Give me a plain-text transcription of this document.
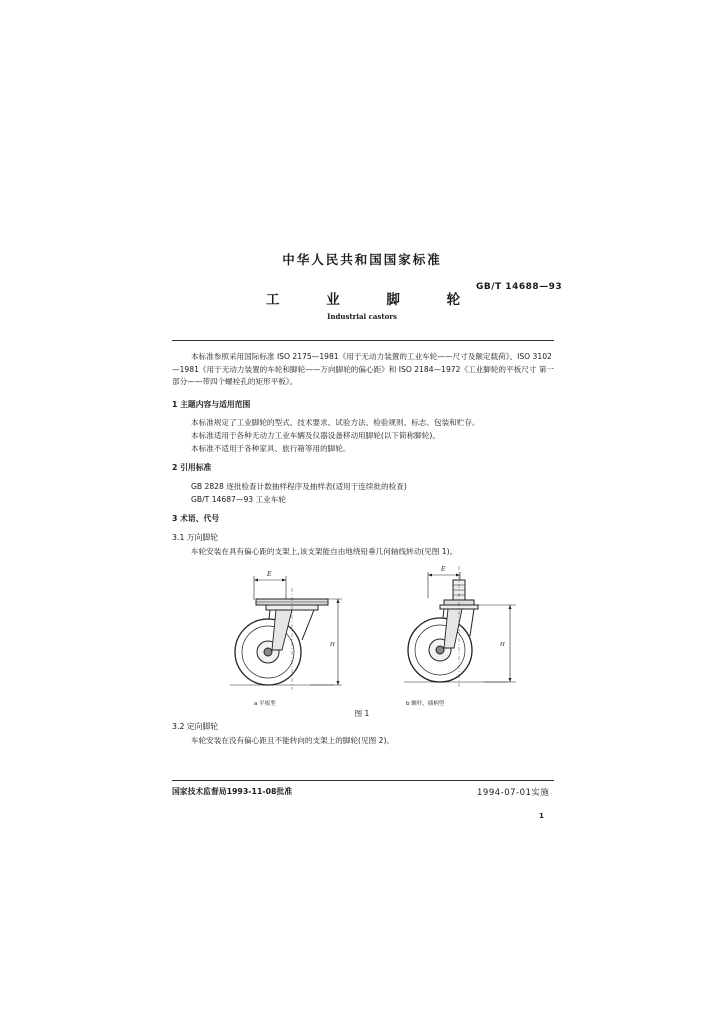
中华人民共和国国家标准
GB/T 14688—93
工 业 脚 轮
Industrial castors
本标准参照采用国际标准 ISO 2175—1981《用于无动力装置的工业车轮——尺寸及额定载荷》、ISO 3102—1981《用于无动力装置的车轮和脚轮——万向脚轮的偏心距》和 ISO 2184—1972《工业脚轮的平板尺寸 第一部分——带四个螺栓孔的矩形平板》。
1 主题内容与适用范围
本标准规定了工业脚轮的型式、技术要求、试验方法、检验规则、标志、包装和贮存。
本标准适用于各种无动力工业车辆及仪器设备移动用脚轮(以下简称脚轮)。
本标准不适用于各种家具、旅行箱等用的脚轮。
2 引用标准
GB 2828 逐批检查计数抽样程序及抽样表(适用于连续批的检查)
GB/T 14687—93 工业车轮
3 术语、代号
3.1 万向脚轮
车轮安装在具有偏心距的支架上,该支架能自由地绕铅垂几何轴线转动(见图 1)。
E
H
E
H
a 平板型	b 螺杆、插柄型
图 1
3.2 定向脚轮
车轮安装在没有偏心距且不能转向的支架上的脚轮(见图 2)。
国家技术监督局1993-11-08批准	1994-07-01实施
1
